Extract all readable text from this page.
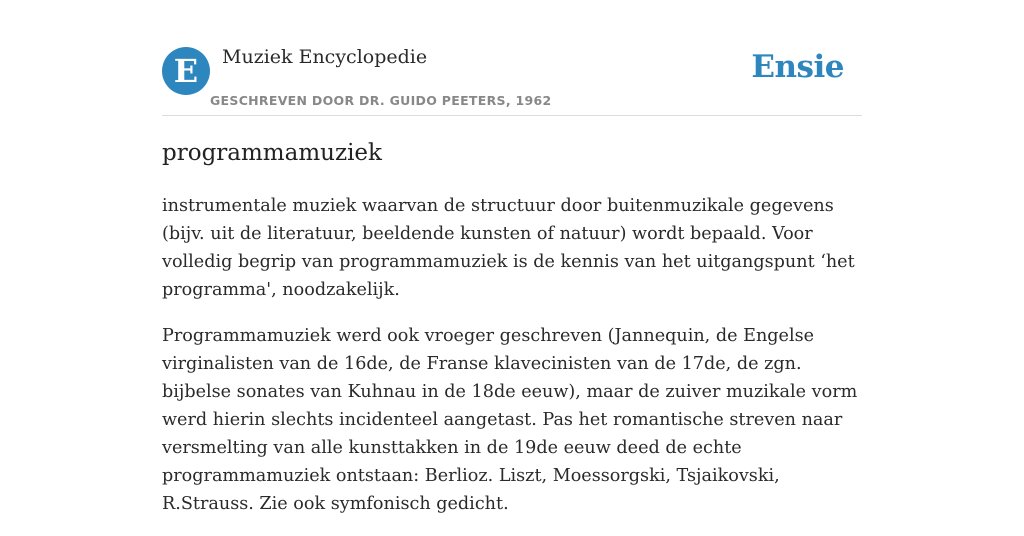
E	Muziek Encyclopedie
GESCHREVEN DOOR DR. GUIDO PEETERS, 1962
Ensie
programmamuziek

instrumentale muziek waarvan de structuur door buitenmuzikale gegevens (bijv. uit de literatuur, beeldende kunsten of natuur) wordt bepaald. Voor volledig begrip van programmamuziek is de kennis van het uitgangspunt ‘het programma', noodzakelijk.

Programmamuziek werd ook vroeger geschreven (Jannequin, de Engelse virginalisten van de 16de, de Franse klavecinisten van de 17de, de zgn. bijbelse sonates van Kuhnau in de 18de eeuw), maar de zuiver muzikale vorm werd hierin slechts incidenteel aangetast. Pas het romantische streven naar versmelting van alle kunsttakken in de 19de eeuw deed de echte programmamuziek ontstaan: Berlioz. Liszt, Moessorgski, Tsjaikovski, R.Strauss. Zie ook symfonisch gedicht.
